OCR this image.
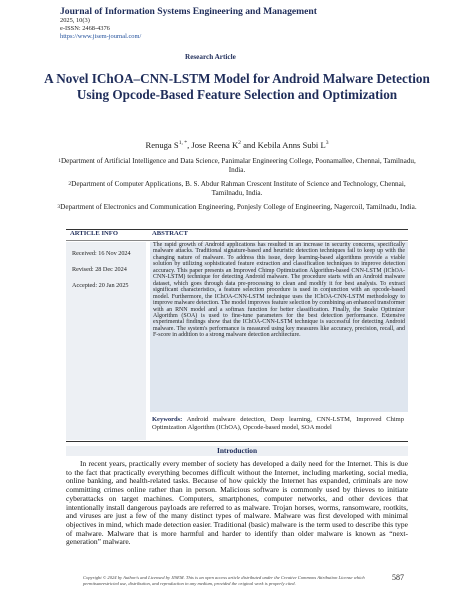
Journal of Information Systems Engineering and Management
2025, 10(3)
e-ISSN: 2468-4376
https://www.jisem-journal.com/
Research Article
A Novel IChOA–CNN-LSTM Model for Android Malware Detection Using Opcode-Based Feature Selection and Optimization
Renuga $S^{1, *}$, Jose Reena $K^2$ and Kebila Anns Subi $L^3$
$^1$Department of Artificial Intelligence and Data Science, Panimalar Engineering College, Poonamallee, Chennai, Tamilnadu, India.
$^2$Department of Computer Applications, B. S. Abdur Rahman Crescent Institute of Science and Technology, Chennai, Tamilnadu, India.
$^3$Department of Electronics and Communication Engineering, Ponjesly College of Engineering, Nagercoil, Tamilnadu, India.
ARTICLE INFO	ABSTRACT
Received: 16 Nov 2024
Revised: 28 Dec 2024
Accepted: 20 Jan 2025
The rapid growth of Android applications has resulted in an increase in security concerns, specifically malware attacks. Traditional signature-based and heuristic detection techniques fail to keep up with the changing nature of malware. To address this issue, deep learning-based algorithms provide a viable solution by utilizing sophisticated feature extraction and classification techniques to improve detection accuracy. This paper presents an Improved Chimp Optimization Algorithm-based CNN-LSTM (IChOA-CNN-LSTM) technique for detecting Android malware. The procedure starts with an Android malware dataset, which goes through data pre-processing to clean and modify it for best analysis. To extract significant characteristics, a feature selection procedure is used in conjunction with an opcode-based model. Furthermore, the IChOA-CNN-LSTM technique uses the IChOA-CNN-LSTM methodology to improve malware detection. The model improves feature selection by combining an enhanced transformer with an RNN model and a softmax function for better classification. Finally, the Snake Optimizer Algorithm (SOA) is used to fine-tune parameters for the best detection performance. Extensive experimental findings show that the IChOA-CNN-LSTM technique is successful for detecting Android malware. The system's performance is measured using key measures like accuracy, precision, recall, and F-score in addition to a strong malware detection architecture.
Keywords: Android malware detection, Deep learning, CNN-LSTM, Improved Chimp Optimization Algorithm (IChOA), Opcode-based model, SOA model
Introduction
In recent years, practically every member of society has developed a daily need for the Internet. This is due to the fact that practically everything becomes difficult without the Internet, including marketing, social media, online banking, and health-related tasks. Because of how quickly the Internet has expanded, criminals are now committing crimes online rather than in person. Malicious software is commonly used by thieves to initiate cyberattacks on target machines. Computers, smartphones, computer networks, and other devices that intentionally install dangerous payloads are referred to as malware. Trojan horses, worms, ransomware, rootkits, and viruses are just a few of the many distinct types of malware. Malware was first developed with minimal objectives in mind, which made detection easier. Traditional (basic) malware is the term used to describe this type of malware. Malware that is more harmful and harder to identify than older malware is known as “next-generation” malware.
Copyright © 2024 by Author/s and Licensed by JISEM. This is an open access article distributed under the Creative Commons Attribution License which permitsunrestricted use, distribution, and reproduction in any medium, provided the original work is properly cited.
587
